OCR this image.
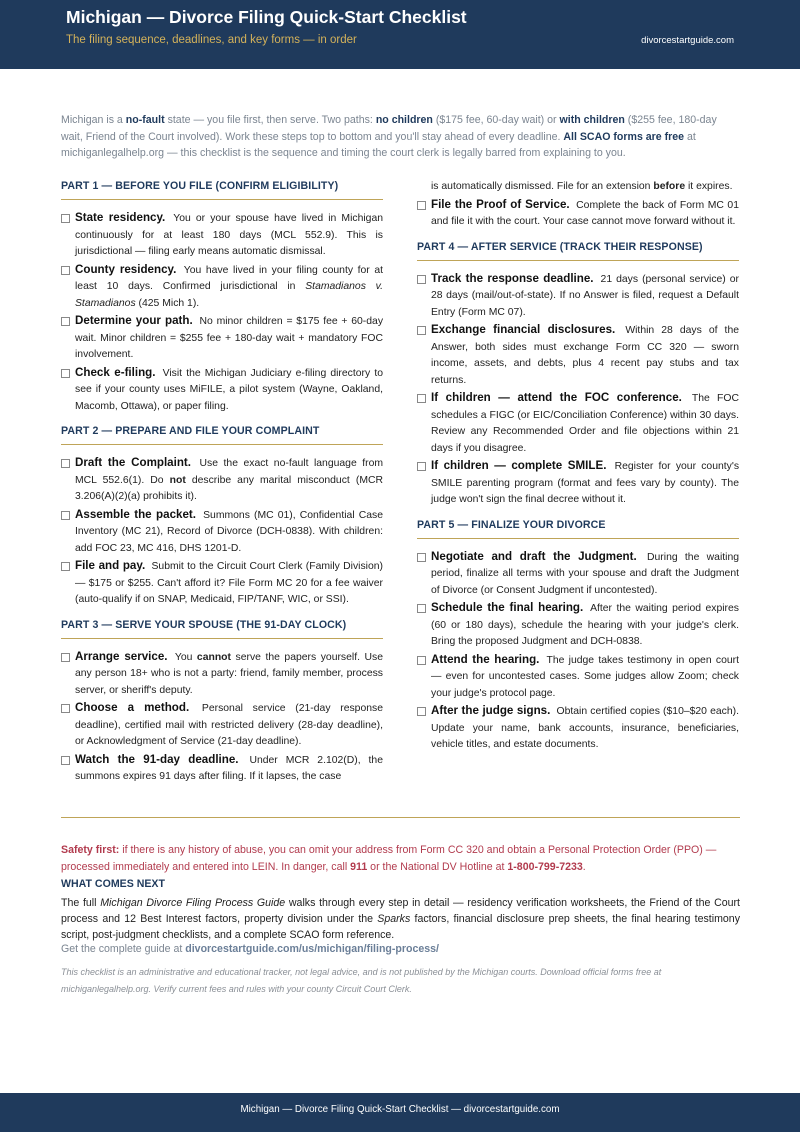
Michigan — Divorce Filing Quick-Start Checklist
The filing sequence, deadlines, and key forms — in order	divorcestartguide.com
Michigan is a no-fault state — you file first, then serve. Two paths: no children ($175 fee, 60-day wait) or with children ($255 fee, 180-day wait, Friend of the Court involved). Work these steps top to bottom and you'll stay ahead of every deadline. All SCAO forms are free at michiganlegalhelp.org — this checklist is the sequence and timing the court clerk is legally barred from explaining to you.
PART 1 — BEFORE YOU FILE (CONFIRM ELIGIBILITY)
State residency. You or your spouse have lived in Michigan continuously for at least 180 days (MCL 552.9). This is jurisdictional — filing early means automatic dismissal.
County residency. You have lived in your filing county for at least 10 days. Confirmed jurisdictional in Stamadianos v. Stamadianos (425 Mich 1).
Determine your path. No minor children = $175 fee + 60-day wait. Minor children = $255 fee + 180-day wait + mandatory FOC involvement.
Check e-filing. Visit the Michigan Judiciary e-filing directory to see if your county uses MiFILE, a pilot system (Wayne, Oakland, Macomb, Ottawa), or paper filing.
PART 2 — PREPARE AND FILE YOUR COMPLAINT
Draft the Complaint. Use the exact no-fault language from MCL 552.6(1). Do not describe any marital misconduct (MCR 3.206(A)(2)(a) prohibits it).
Assemble the packet. Summons (MC 01), Confidential Case Inventory (MC 21), Record of Divorce (DCH-0838). With children: add FOC 23, MC 416, DHS 1201-D.
File and pay. Submit to the Circuit Court Clerk (Family Division) — $175 or $255. Can't afford it? File Form MC 20 for a fee waiver (auto-qualify if on SNAP, Medicaid, FIP/TANF, WIC, or SSI).
PART 3 — SERVE YOUR SPOUSE (THE 91-DAY CLOCK)
Arrange service. You cannot serve the papers yourself. Use any person 18+ who is not a party: friend, family member, process server, or sheriff's deputy.
Choose a method. Personal service (21-day response deadline), certified mail with restricted delivery (28-day deadline), or Acknowledgment of Service (21-day deadline).
Watch the 91-day deadline. Under MCR 2.102(D), the summons expires 91 days after filing. If it lapses, the case
is automatically dismissed. File for an extension before it expires.
File the Proof of Service. Complete the back of Form MC 01 and file it with the court. Your case cannot move forward without it.
PART 4 — AFTER SERVICE (TRACK THEIR RESPONSE)
Track the response deadline. 21 days (personal service) or 28 days (mail/out-of-state). If no Answer is filed, request a Default Entry (Form MC 07).
Exchange financial disclosures. Within 28 days of the Answer, both sides must exchange Form CC 320 — sworn income, assets, and debts, plus 4 recent pay stubs and tax returns.
If children — attend the FOC conference. The FOC schedules a FIGC (or EIC/Conciliation Conference) within 30 days. Review any Recommended Order and file objections within 21 days if you disagree.
If children — complete SMILE. Register for your county's SMILE parenting program (format and fees vary by county). The judge won't sign the final decree without it.
PART 5 — FINALIZE YOUR DIVORCE
Negotiate and draft the Judgment. During the waiting period, finalize all terms with your spouse and draft the Judgment of Divorce (or Consent Judgment if uncontested).
Schedule the final hearing. After the waiting period expires (60 or 180 days), schedule the hearing with your judge's clerk. Bring the proposed Judgment and DCH-0838.
Attend the hearing. The judge takes testimony in open court — even for uncontested cases. Some judges allow Zoom; check your judge's protocol page.
After the judge signs. Obtain certified copies ($10–$20 each). Update your name, bank accounts, insurance, beneficiaries, vehicle titles, and estate documents.
Safety first: if there is any history of abuse, you can omit your address from Form CC 320 and obtain a Personal Protection Order (PPO) — processed immediately and entered into LEIN. In danger, call 911 or the National DV Hotline at 1-800-799-7233.
WHAT COMES NEXT
The full Michigan Divorce Filing Process Guide walks through every step in detail — residency verification worksheets, the Friend of the Court process and 12 Best Interest factors, property division under the Sparks factors, financial disclosure prep sheets, the final hearing testimony script, post-judgment checklists, and a complete SCAO form reference.
Get the complete guide at divorcestartguide.com/us/michigan/filing-process/
This checklist is an administrative and educational tracker, not legal advice, and is not published by the Michigan courts. Download official forms free at michiganlegalhelp.org. Verify current fees and rules with your county Circuit Court Clerk.
Michigan — Divorce Filing Quick-Start Checklist — divorcestartguide.com
